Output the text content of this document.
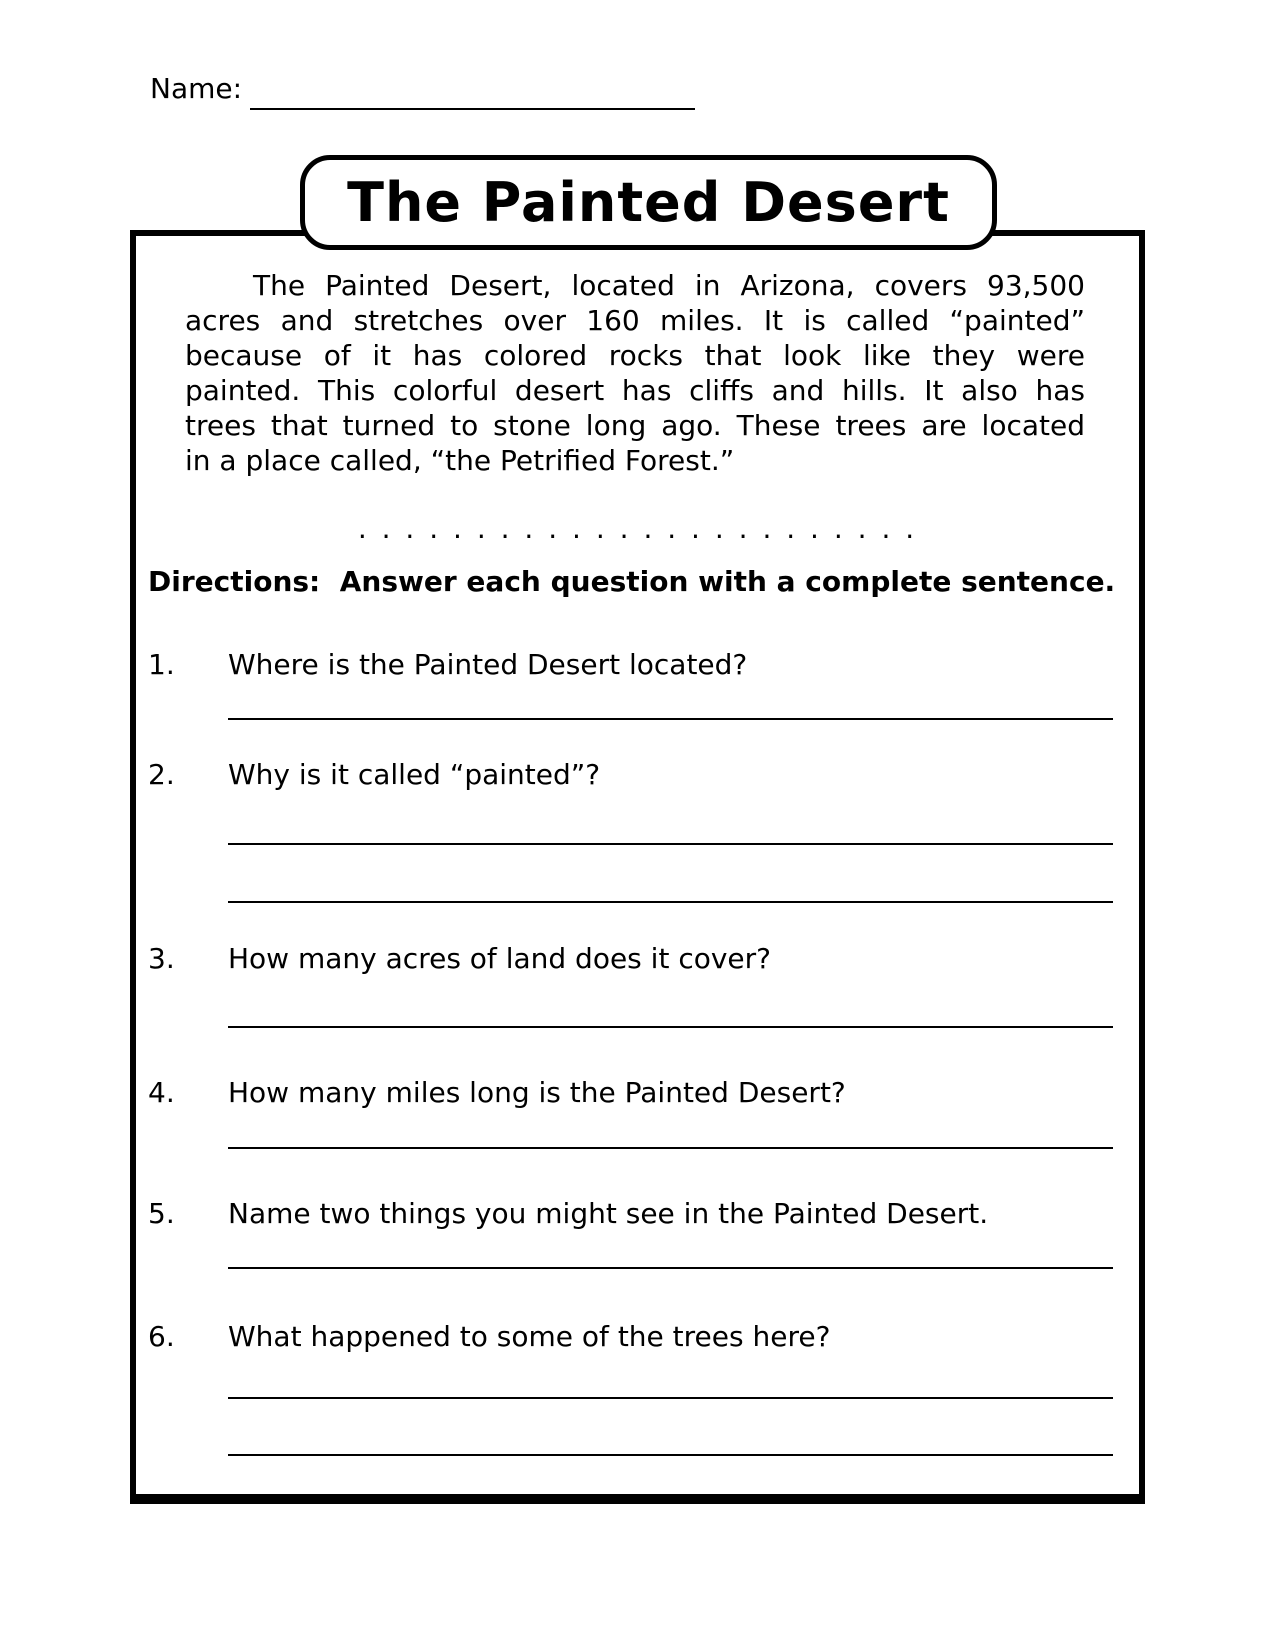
Name:
The Painted Desert
The Painted Desert, located in Arizona, covers 93,500
acres and stretches over 160 miles. It is called “painted”
because of it has colored rocks that look like they were
painted. This colorful desert has cliffs and hills. It also has
trees that turned to stone long ago. These trees are located
in a place called, “the Petrified Forest.”
. . . . . . . . . . . . . . . . . . . . . . . .
Directions:  Answer each question with a complete sentence.
1. Where is the Painted Desert located?
2. Why is it called “painted”?
3. How many acres of land does it cover?
4. How many miles long is the Painted Desert?
5. Name two things you might see in the Painted Desert.
6. What happened to some of the trees here?
